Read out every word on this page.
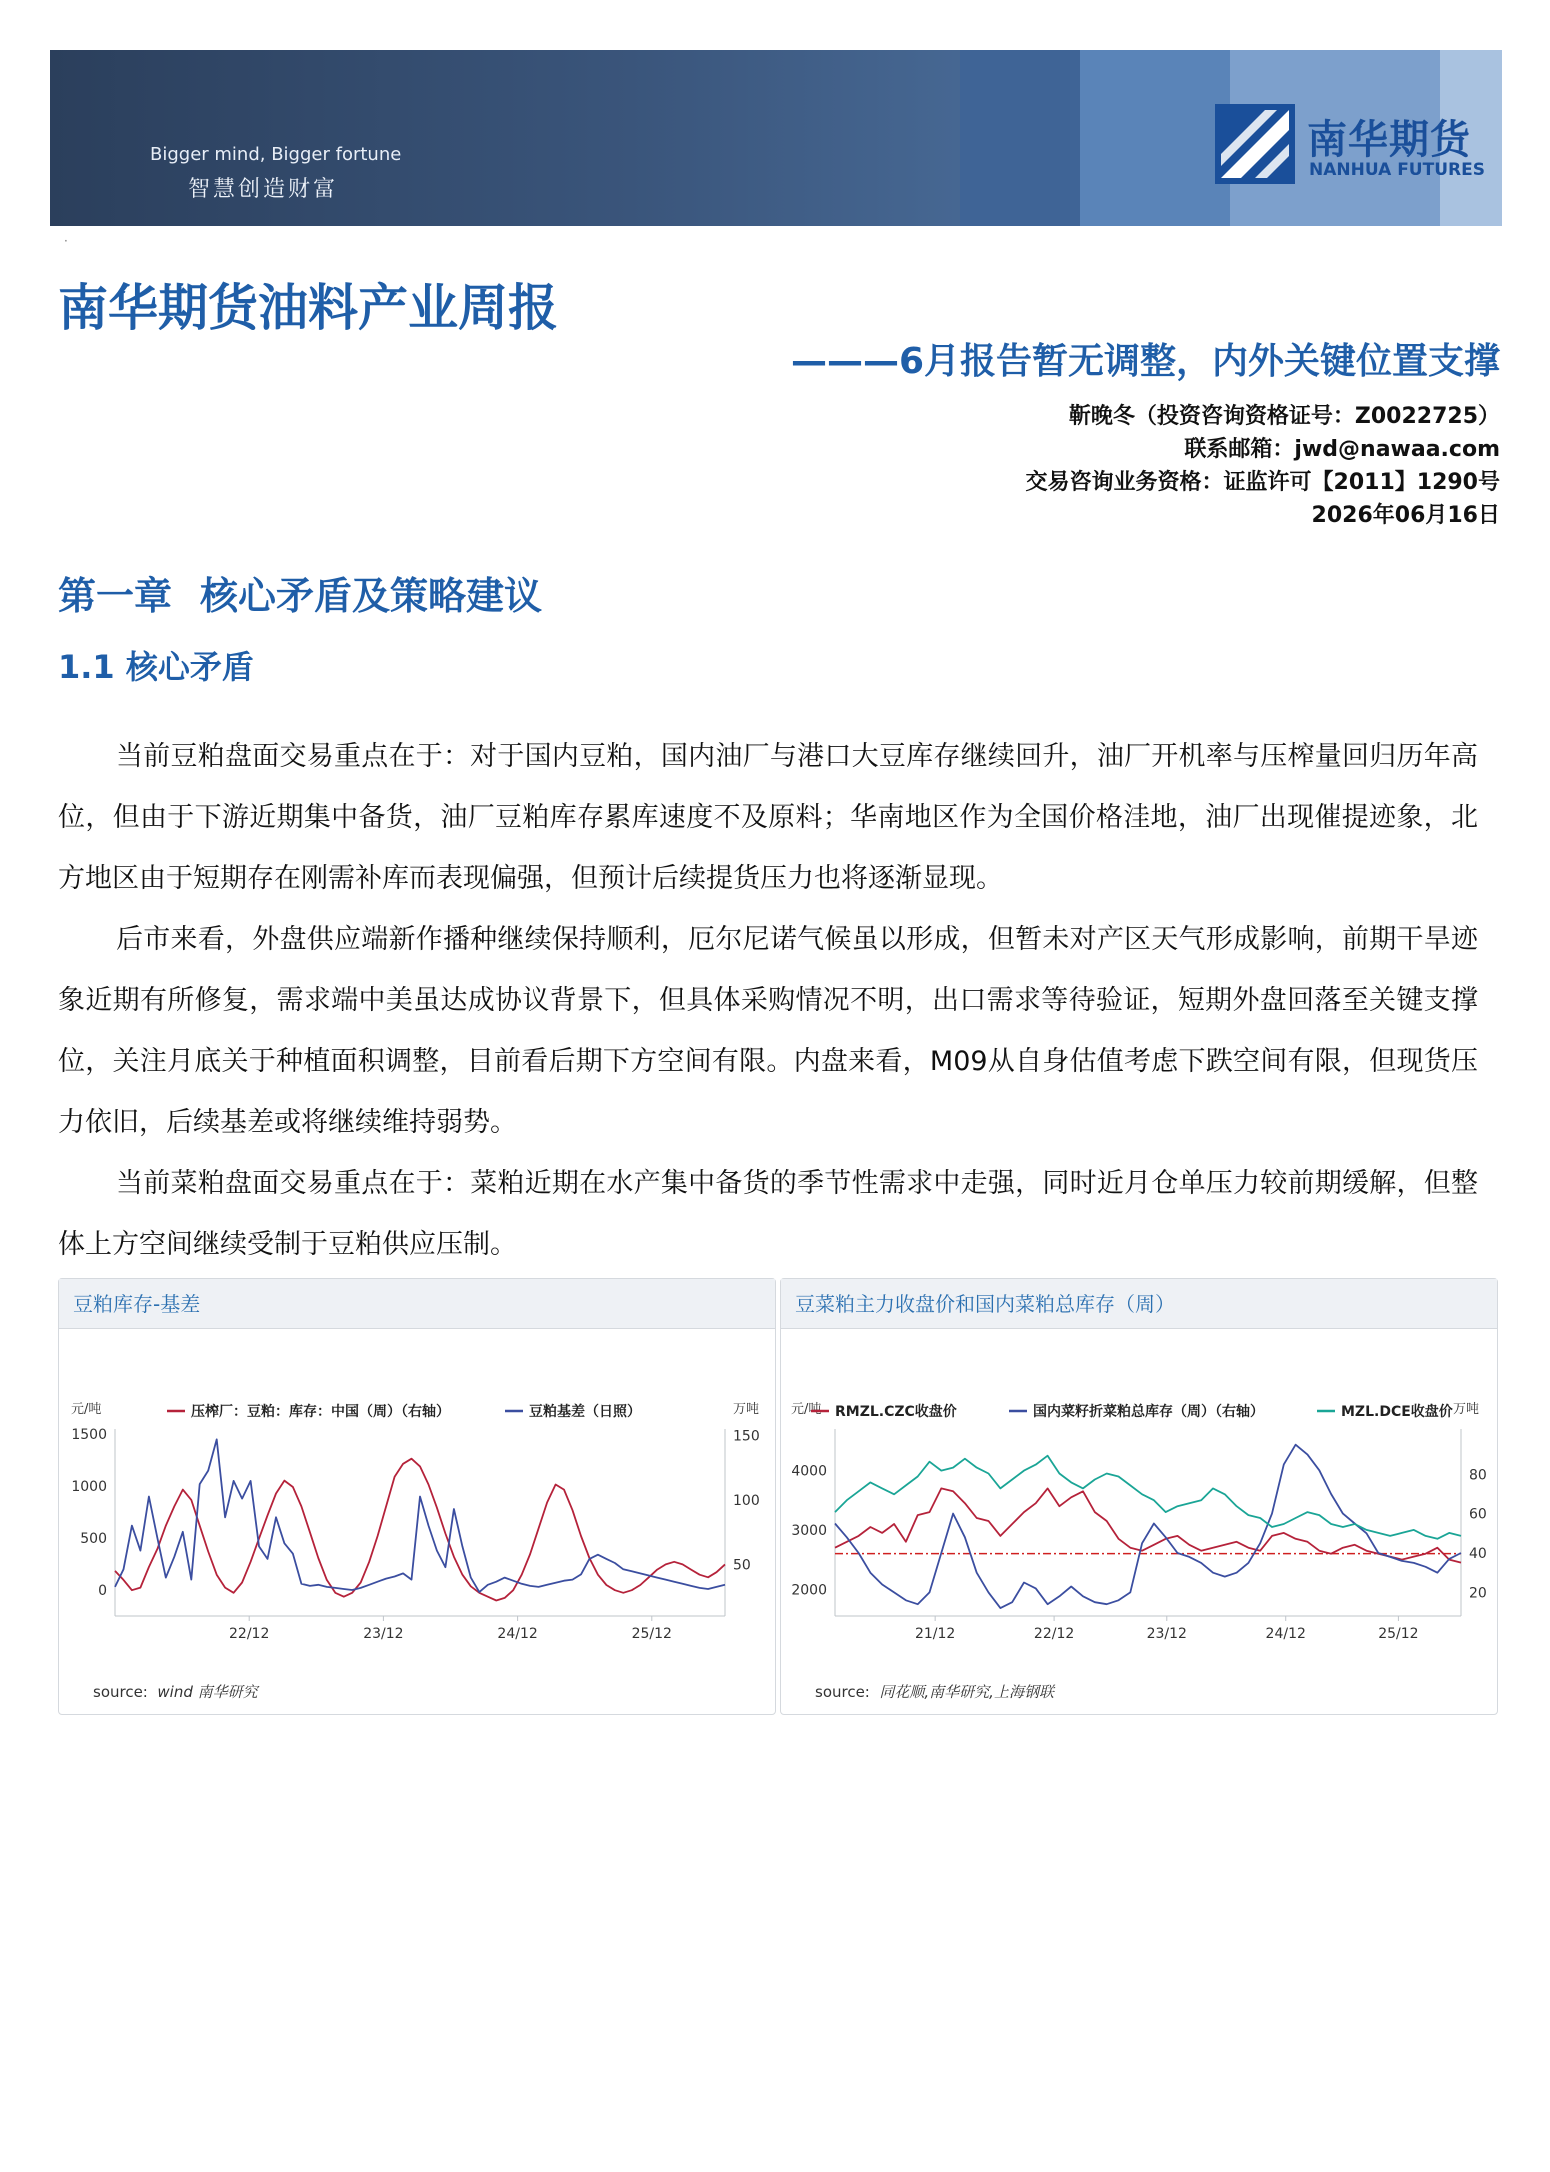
Bigger mind, Bigger fortune
智慧创造财富
南华期货
NANHUA FUTURES
·
南华期货油料产业周报
———6月报告暂无调整，内外关键位置支撑
靳晚冬（投资咨询资格证号：Z0022725）
联系邮箱：jwd@nawaa.com
交易咨询业务资格：证监许可【2011】1290号
2026年06月16日
第一章 核心矛盾及策略建议
1.1 核心矛盾

当前豆粕盘面交易重点在于：对于国内豆粕，国内油厂与港口大豆库存继续回升，油厂开机率与压榨量回归历年高位，但由于下游近期集中备货，油厂豆粕库存累库速度不及原料；华南地区作为全国价格洼地，油厂出现催提迹象，北方地区由于短期存在刚需补库而表现偏强，但预计后续提货压力也将逐渐显现。

后市来看，外盘供应端新作播种继续保持顺利，厄尔尼诺气候虽以形成，但暂未对产区天气形成影响，前期干旱迹象近期有所修复，需求端中美虽达成协议背景下，但具体采购情况不明，出口需求等待验证，短期外盘回落至关键支撑位，关注月底关于种植面积调整，目前看后期下方空间有限。内盘来看，M09从自身估值考虑下跌空间有限，但现货压力依旧，后续基差或将继续维持弱势。

当前菜粕盘面交易重点在于：菜粕近期在水产集中备货的季节性需求中走强，同时近月仓单压力较前期缓解，但整体上方空间继续受制于豆粕供应压制。

豆粕库存-基差
元/吨	万吨
0
500
1000
1500
50
100
150
22/12	23/12	24/12	25/12
压榨厂：豆粕：库存：中国（周）（右轴）	豆粕基差（日照）
source:  wind 南华研究
豆菜粕主力收盘价和国内菜粕总库存（周）
元/吨	万吨
2000
3000
4000
20
40
60
80
21/12	22/12	23/12	24/12	25/12
RMZL.CZC收盘价	国内菜籽折菜粕总库存（周）（右轴）	MZL.DCE收盘价
source:  同花顺,南华研究,上海钢联
